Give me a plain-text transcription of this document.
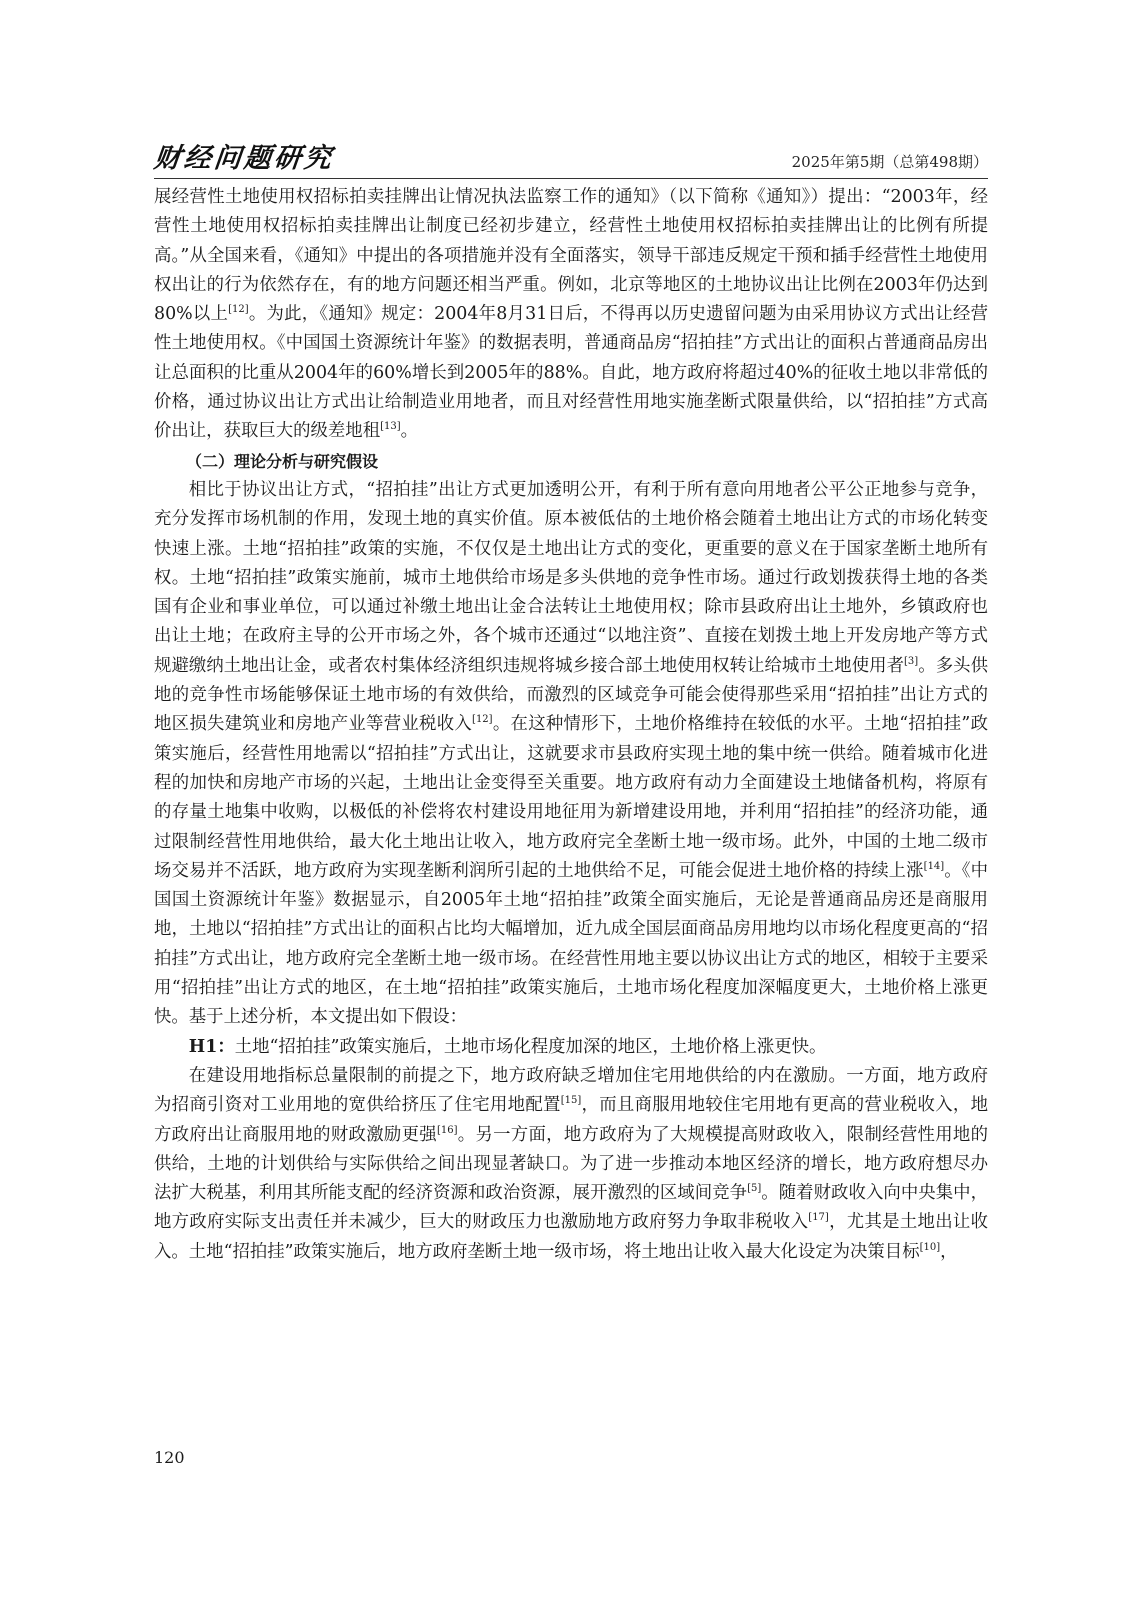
财经问题研究	2025年第5期（总第498期）

展经营性土地使用权招标拍卖挂牌出让情况执法监察工作的通知》（以下简称《通知》）提出：“2003年，经营性土地使用权招标拍卖挂牌出让制度已经初步建立，经营性土地使用权招标拍卖挂牌出让的比例有所提高。”从全国来看，《通知》中提出的各项措施并没有全面落实，领导干部违反规定干预和插手经营性土地使用权出让的行为依然存在，有的地方问题还相当严重。例如，北京等地区的土地协议出让比例在2003年仍达到80%以上[12]。为此，《通知》规定：2004年8月31日后，不得再以历史遗留问题为由采用协议方式出让经营性土地使用权。《中国国土资源统计年鉴》的数据表明，普通商品房“招拍挂”方式出让的面积占普通商品房出让总面积的比重从2004年的60%增长到2005年的88%。自此，地方政府将超过40%的征收土地以非常低的价格，通过协议出让方式出让给制造业用地者，而且对经营性用地实施垄断式限量供给，以“招拍挂”方式高价出让，获取巨大的级差地租[13]。

（二）理论分析与研究假设

相比于协议出让方式，“招拍挂”出让方式更加透明公开，有利于所有意向用地者公平公正地参与竞争，充分发挥市场机制的作用，发现土地的真实价值。原本被低估的土地价格会随着土地出让方式的市场化转变快速上涨。土地“招拍挂”政策的实施，不仅仅是土地出让方式的变化，更重要的意义在于国家垄断土地所有权。土地“招拍挂”政策实施前，城市土地供给市场是多头供地的竞争性市场。通过行政划拨获得土地的各类国有企业和事业单位，可以通过补缴土地出让金合法转让土地使用权；除市县政府出让土地外，乡镇政府也出让土地；在政府主导的公开市场之外，各个城市还通过“以地注资”、直接在划拨土地上开发房地产等方式规避缴纳土地出让金，或者农村集体经济组织违规将城乡接合部土地使用权转让给城市土地使用者[3]。多头供地的竞争性市场能够保证土地市场的有效供给，而激烈的区域竞争可能会使得那些采用“招拍挂”出让方式的地区损失建筑业和房地产业等营业税收入[12]。在这种情形下，土地价格维持在较低的水平。土地“招拍挂”政策实施后，经营性用地需以“招拍挂”方式出让，这就要求市县政府实现土地的集中统一供给。随着城市化进程的加快和房地产市场的兴起，土地出让金变得至关重要。地方政府有动力全面建设土地储备机构，将原有的存量土地集中收购，以极低的补偿将农村建设用地征用为新增建设用地，并利用“招拍挂”的经济功能，通过限制经营性用地供给，最大化土地出让收入，地方政府完全垄断土地一级市场。此外，中国的土地二级市场交易并不活跃，地方政府为实现垄断利润所引起的土地供给不足，可能会促进土地价格的持续上涨[14]。《中国国土资源统计年鉴》数据显示，自2005年土地“招拍挂”政策全面实施后，无论是普通商品房还是商服用地，土地以“招拍挂”方式出让的面积占比均大幅增加，近九成全国层面商品房用地均以市场化程度更高的“招拍挂”方式出让，地方政府完全垄断土地一级市场。在经营性用地主要以协议出让方式的地区，相较于主要采用“招拍挂”出让方式的地区，在土地“招拍挂”政策实施后，土地市场化程度加深幅度更大，土地价格上涨更快。基于上述分析，本文提出如下假设：

H1：土地“招拍挂”政策实施后，土地市场化程度加深的地区，土地价格上涨更快。

在建设用地指标总量限制的前提之下，地方政府缺乏增加住宅用地供给的内在激励。一方面，地方政府为招商引资对工业用地的宽供给挤压了住宅用地配置[15]，而且商服用地较住宅用地有更高的营业税收入，地方政府出让商服用地的财政激励更强[16]。另一方面，地方政府为了大规模提高财政收入，限制经营性用地的供给，土地的计划供给与实际供给之间出现显著缺口。为了进一步推动本地区经济的增长，地方政府想尽办法扩大税基，利用其所能支配的经济资源和政治资源，展开激烈的区域间竞争[5]。随着财政收入向中央集中，地方政府实际支出责任并未减少，巨大的财政压力也激励地方政府努力争取非税收入[17]，尤其是土地出让收入。土地“招拍挂”政策实施后，地方政府垄断土地一级市场，将土地出让收入最大化设定为决策目标[10]，

120
